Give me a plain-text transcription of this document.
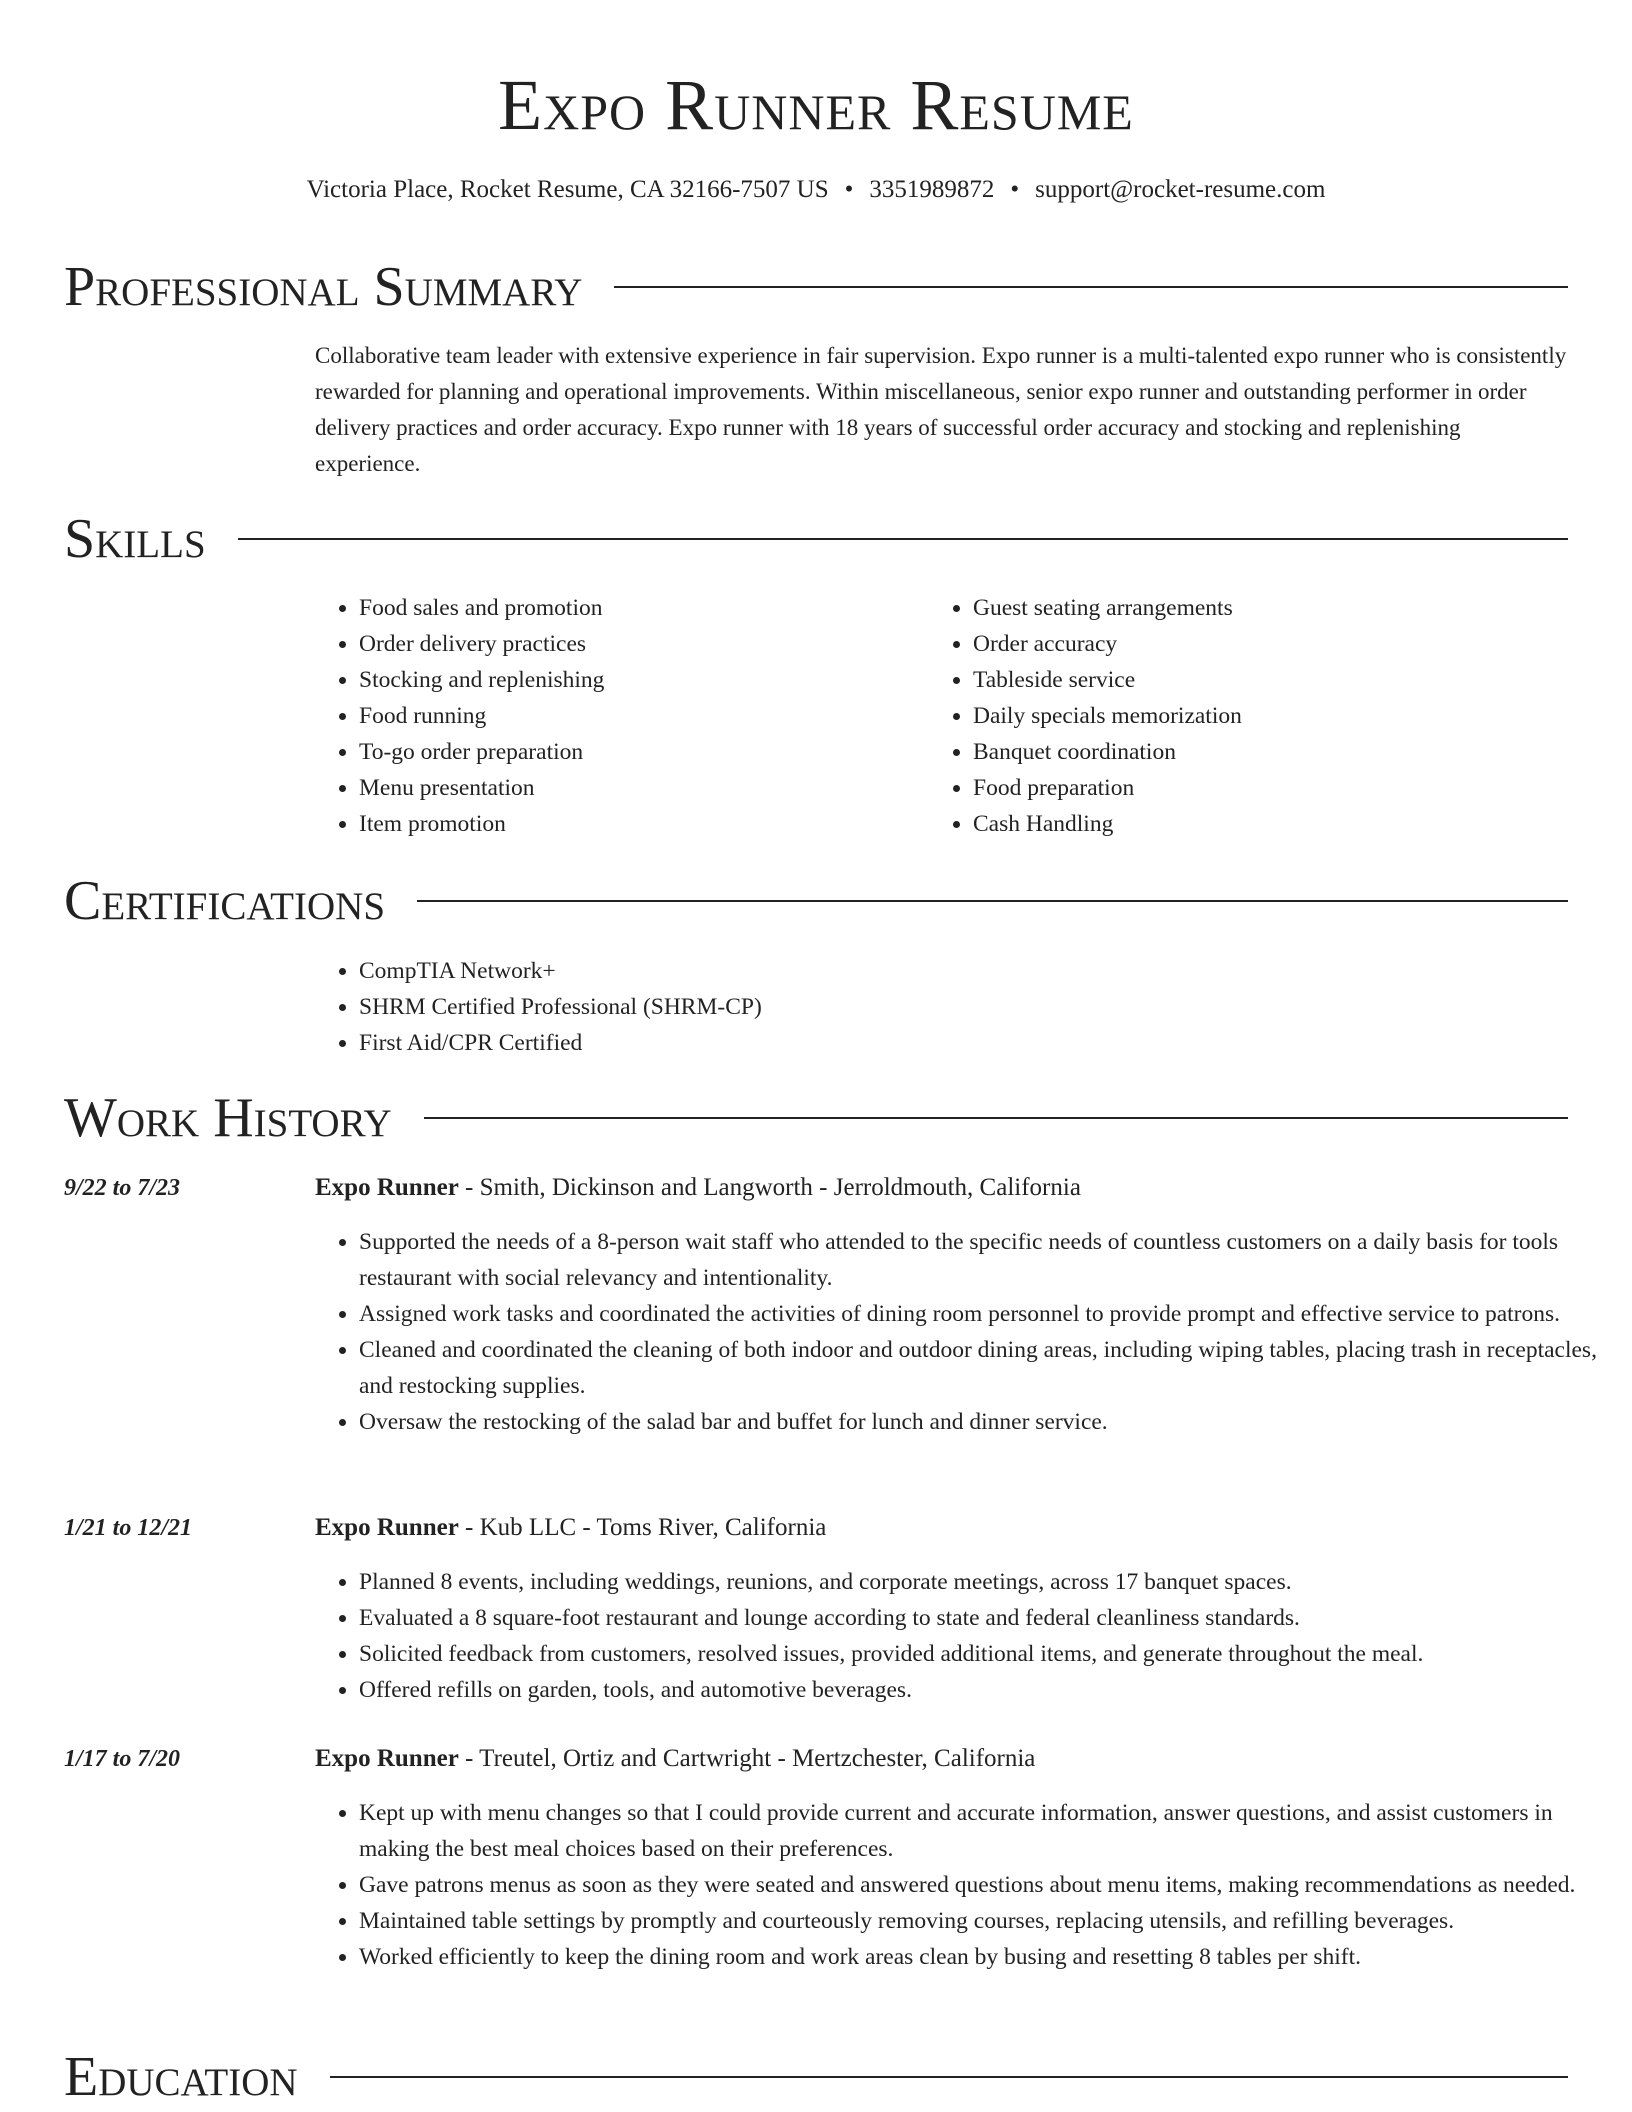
Expo Runner Resume
Victoria Place, Rocket Resume, CA 32166-7507 US • 3351989872 • support@rocket-resume.com
Professional Summary

Collaborative team leader with extensive experience in fair supervision. Expo runner is a multi-talented expo runner who is consistently rewarded for planning and operational improvements. Within miscellaneous, senior expo runner and outstanding performer in order delivery practices and order accuracy. Expo runner with 18 years of successful order accuracy and stocking and replenishing experience.

Skills
• Food sales and promotion
• Order delivery practices
• Stocking and replenishing
• Food running
• To-go order preparation
• Menu presentation
• Item promotion
• Guest seating arrangements
• Order accuracy
• Tableside service
• Daily specials memorization
• Banquet coordination
• Food preparation
• Cash Handling
Certifications
• CompTIA Network+
• SHRM Certified Professional (SHRM-CP)
• First Aid/CPR Certified
Work History
9/22 to 7/23	Expo Runner - Smith, Dickinson and Langworth - Jerroldmouth, California
• Supported the needs of a 8-person wait staff who attended to the specific needs of countless customers on a daily basis for tools restaurant with social relevancy and intentionality.
• Assigned work tasks and coordinated the activities of dining room personnel to provide prompt and effective service to patrons.
• Cleaned and coordinated the cleaning of both indoor and outdoor dining areas, including wiping tables, placing trash in receptacles, and restocking supplies.
• Oversaw the restocking of the salad bar and buffet for lunch and dinner service.
1/21 to 12/21	Expo Runner - Kub LLC - Toms River, California
• Planned 8 events, including weddings, reunions, and corporate meetings, across 17 banquet spaces.
• Evaluated a 8 square-foot restaurant and lounge according to state and federal cleanliness standards.
• Solicited feedback from customers, resolved issues, provided additional items, and generate throughout the meal.
• Offered refills on garden, tools, and automotive beverages.
1/17 to 7/20	Expo Runner - Treutel, Ortiz and Cartwright - Mertzchester, California
• Kept up with menu changes so that I could provide current and accurate information, answer questions, and assist customers in making the best meal choices based on their preferences.
• Gave patrons menus as soon as they were seated and answered questions about menu items, making recommendations as needed.
• Maintained table settings by promptly and courteously removing courses, replacing utensils, and refilling beverages.
• Worked efficiently to keep the dining room and work areas clean by busing and resetting 8 tables per shift.
Education
